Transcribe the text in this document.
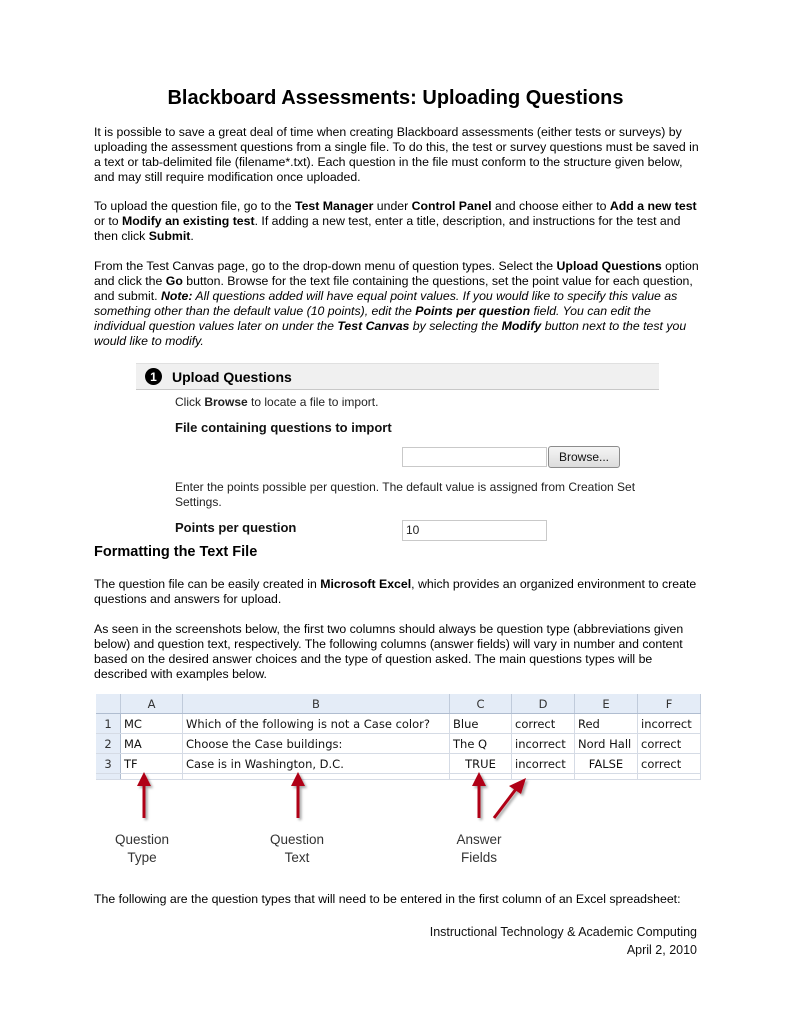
Blackboard Assessments: Uploading Questions
It is possible to save a great deal of time when creating Blackboard assessments (either tests or surveys) by uploading the assessment questions from a single file. To do this, the test or survey questions must be saved in a text or tab-delimited file (filename*.txt). Each question in the file must conform to the structure given below, and may still require modification once uploaded.
To upload the question file, go to the Test Manager under Control Panel and choose either to Add a new test or to Modify an existing test. If adding a new test, enter a title, description, and instructions for the test and then click Submit.
From the Test Canvas page, go to the drop-down menu of question types. Select the Upload Questions option and click the Go button. Browse for the text file containing the questions, set the point value for each question, and submit. Note: All questions added will have equal point values. If you would like to specify this value as something other than the default value (10 points), edit the Points per question field. You can edit the individual question values later on under the Test Canvas by selecting the Modify button next to the test you would like to modify.
1	Upload Questions
Click Browse to locate a file to import.
File containing questions to import
Browse...
Enter the points possible per question. The default value is assigned from Creation Set Settings.
Points per question	10
Formatting the Text File
The question file can be easily created in Microsoft Excel, which provides an organized environment to create questions and answers for upload.
As seen in the screenshots below, the first two columns should always be question type (abbreviations given below) and question text, respectively. The following columns (answer fields) will vary in number and content based on the desired answer choices and the type of question asked. The main questions types will be described with examples below.
	A	B	C	D	E	F
1	MC	Which of the following is not a Case color?	Blue	correct	Red	incorrect
2	MA	Choose the Case buildings:	The Q	incorrect	Nord Hall	correct
3	TF	Case is in Washington, D.C.	TRUE	incorrect	FALSE	correct

Question
Type
Question
Text
Answer
Fields
The following are the question types that will need to be entered in the first column of an Excel spreadsheet:
Instructional Technology & Academic Computing
April 2, 2010
